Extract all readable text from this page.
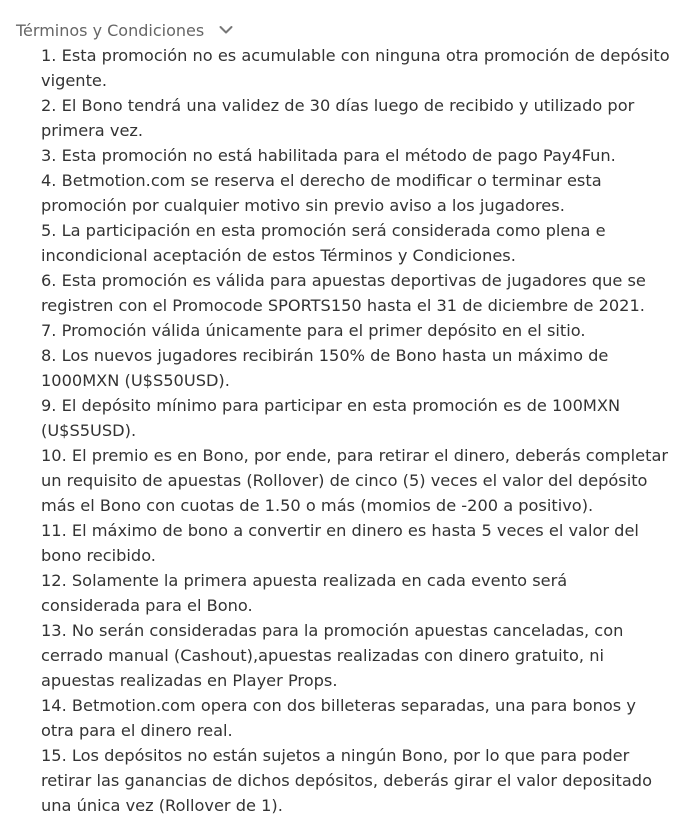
Términos y Condiciones
1. Esta promoción no es acumulable con ninguna otra promoción de depósito vigente.
2. El Bono tendrá una validez de 30 días luego de recibido y utilizado por primera vez.
3. Esta promoción no está habilitada para el método de pago Pay4Fun.
4. Betmotion.com se reserva el derecho de modificar o terminar esta promoción por cualquier motivo sin previo aviso a los jugadores.
5. La participación en esta promoción será considerada como plena e incondicional aceptación de estos Términos y Condiciones.
6. Esta promoción es válida para apuestas deportivas de jugadores que se registren con el Promocode SPORTS150 hasta el 31 de diciembre de 2021.
7. Promoción válida únicamente para el primer depósito en el sitio.
8. Los nuevos jugadores recibirán 150% de Bono hasta un máximo de 1000MXN (U$S50USD).
9. El depósito mínimo para participar en esta promoción es de 100MXN (U$S5USD).
10. El premio es en Bono, por ende, para retirar el dinero, deberás completar un requisito de apuestas (Rollover) de cinco (5) veces el valor del depósito más el Bono con cuotas de 1.50 o más (momios de -200 a positivo).
11. El máximo de bono a convertir en dinero es hasta 5 veces el valor del bono recibido.
12. Solamente la primera apuesta realizada en cada evento será considerada para el Bono.
13. No serán consideradas para la promoción apuestas canceladas, con cerrado manual (Cashout),apuestas realizadas con dinero gratuito, ni apuestas realizadas en Player Props.
14. Betmotion.com opera con dos billeteras separadas, una para bonos y otra para el dinero real.
15. Los depósitos no están sujetos a ningún Bono, por lo que para poder retirar las ganancias de dichos depósitos, deberás girar el valor depositado una única vez (Rollover de 1).
